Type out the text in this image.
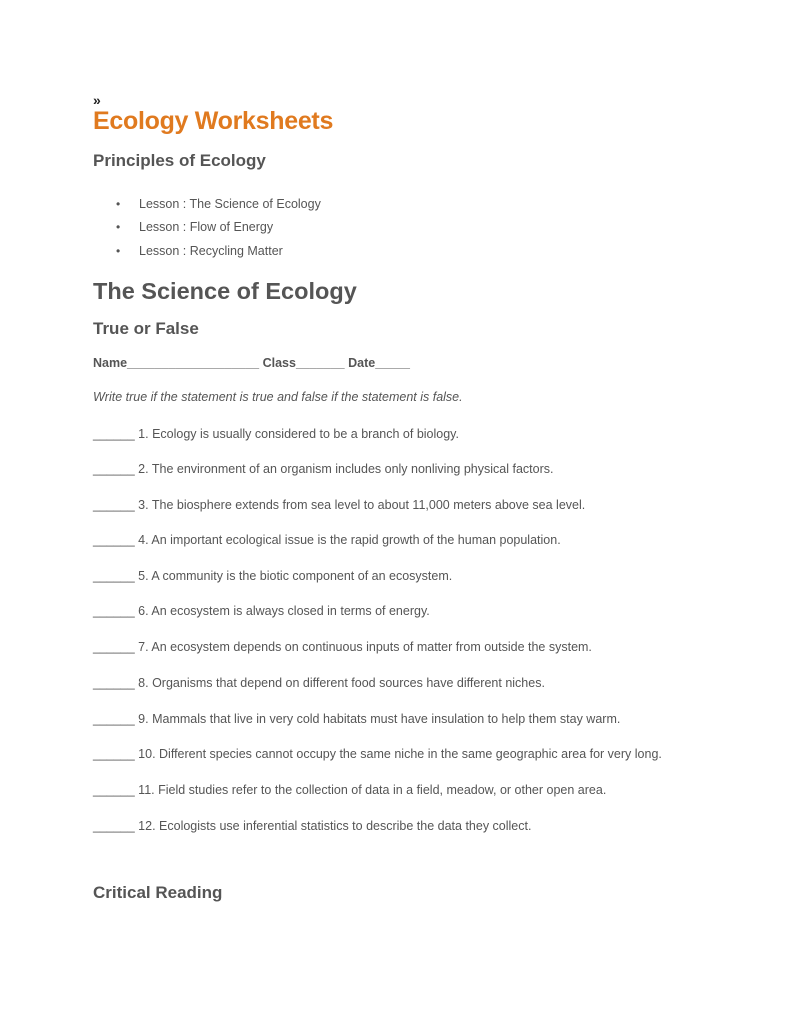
»
Ecology Worksheets
Principles of Ecology
• Lesson : The Science of Ecology
• Lesson : Flow of Energy
• Lesson : Recycling Matter
The Science of Ecology
True or False
Name___________________ Class_______ Date_____
Write true if the statement is true and false if the statement is false.
______ 1. Ecology is usually considered to be a branch of biology.
______ 2. The environment of an organism includes only nonliving physical factors.
______ 3. The biosphere extends from sea level to about 11,000 meters above sea level.
______ 4. An important ecological issue is the rapid growth of the human population.
______ 5. A community is the biotic component of an ecosystem.
______ 6. An ecosystem is always closed in terms of energy.
______ 7. An ecosystem depends on continuous inputs of matter from outside the system.
______ 8. Organisms that depend on different food sources have different niches.
______ 9. Mammals that live in very cold habitats must have insulation to help them stay warm.
______ 10. Different species cannot occupy the same niche in the same geographic area for very long.
______ 11. Field studies refer to the collection of data in a field, meadow, or other open area.
______ 12. Ecologists use inferential statistics to describe the data they collect.
Critical Reading
